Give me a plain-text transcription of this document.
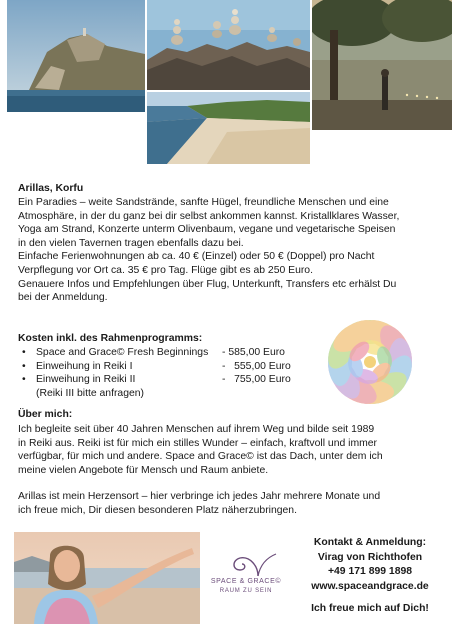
Arillas, Korfu
Ein Paradies – weite Sandstrände, sanfte Hügel, freundliche Menschen und eine
Atmosphäre, in der du ganz bei dir selbst ankommen kannst. Kristallklares Wasser,
Yoga am Strand, Konzerte unterm Olivenbaum, vegane und vegetarische Speisen
in den vielen Tavernen tragen ebenfalls dazu bei.
Einfache Ferienwohnungen ab ca. 40 € (Einzel) oder 50 € (Doppel) pro Nacht
Verpflegung vor Ort ca. 35 € pro Tag. Flüge gibt es ab 250 Euro.
Genauere Infos und Empfehlungen über Flug, Unterkunft, Transfers etc erhälst Du
bei der Anmeldung.
Kosten inkl. des Rahmenprogramms:
• Space and Grace© Fresh Beginnings	- 585,00 Euro
• Einweihung in Reiki I	-   555,00 Euro
• Einweihung in Reiki II	-   755,00 Euro
(Reiki III bitte anfragen)
Über mich:
Ich begleite seit über 40 Jahren Menschen auf ihrem Weg und bilde seit 1989
in Reiki aus. Reiki ist für mich ein stilles Wunder – einfach, kraftvoll und immer
verfügbar, für mich und andere. Space and Grace© ist das Dach, unter dem ich
meine vielen Angebote für Mensch und Raum anbiete.
Arillas ist mein Herzensort – hier verbringe ich jedes Jahr mehrere Monate und
ich freue mich, Dir diesen besonderen Platz näherzubringen.
SPACE & GRACE©
RAUM ZU SEIN
Kontakt & Anmeldung:
Virag von Richthofen
+49 171 899 1898
www.spaceandgrace.de
Ich freue mich auf Dich!
